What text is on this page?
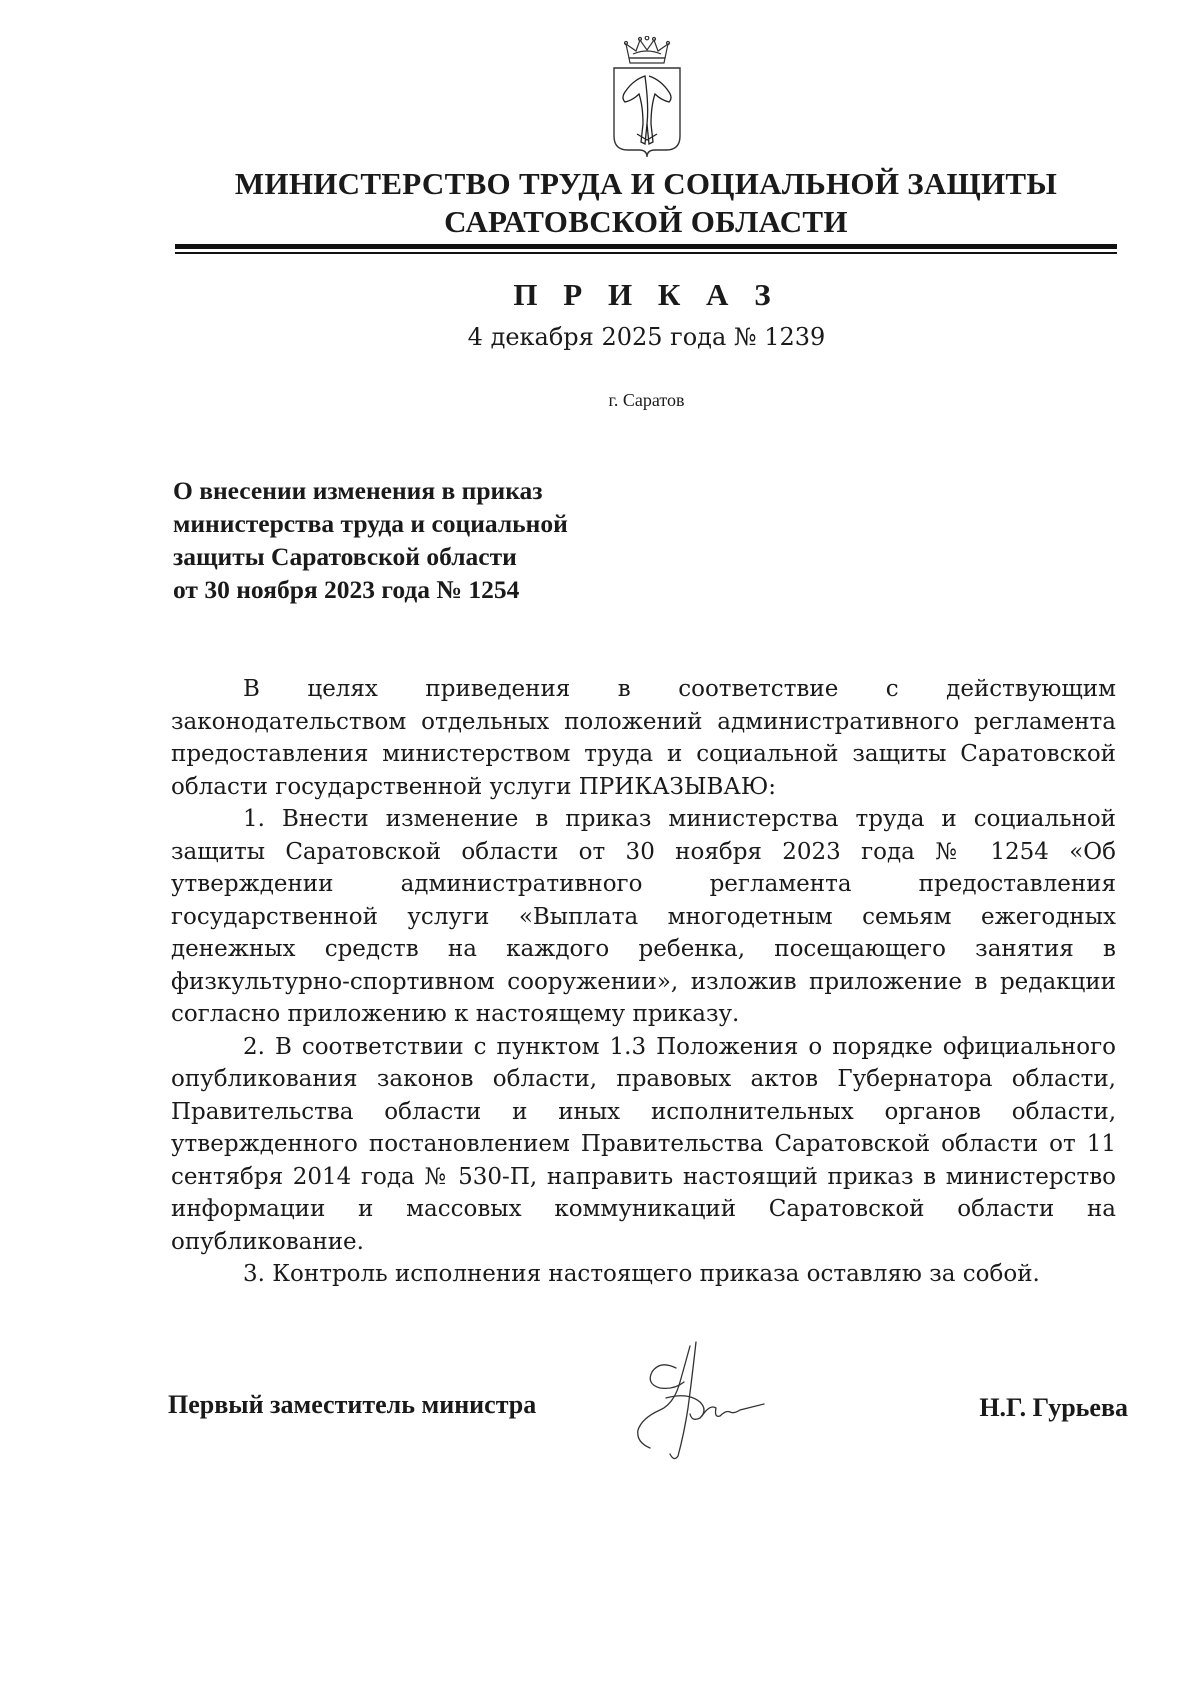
МИНИСТЕРСТВО ТРУДА И СОЦИАЛЬНОЙ ЗАЩИТЫ
САРАТОВСКОЙ ОБЛАСТИ
П Р И К А З
4 декабря 2025 года № 1239
г. Саратов
О внесении изменения в приказ
министерства труда и социальной
защиты Саратовской области
от 30 ноября 2023 года № 1254

В целях приведения в соответствие с действующим законодательством отдельных положений административного регламента предоставления министерством труда и социальной защиты Саратовской области государственной услуги ПРИКАЗЫВАЮ:

1. Внести изменение в приказ министерства труда и социальной защиты Саратовской области от 30 ноября 2023 года № 1254 «Об утверждении административного регламента предоставления государственной услуги «Выплата многодетным семьям ежегодных денежных средств на каждого ребенка, посещающего занятия в физкультурно-спортивном сооружении», изложив приложение в редакции согласно приложению к настоящему приказу.

2. В соответствии с пунктом 1.3 Положения о порядке официального опубликования законов области, правовых актов Губернатора области, Правительства области и иных исполнительных органов области, утвержденного постановлением Правительства Саратовской области от 11 сентября 2014 года № 530-П, направить настоящий приказ в министерство информации и массовых коммуникаций Саратовской области на опубликование.

3. Контроль исполнения настоящего приказа оставляю за собой.

Первый заместитель министра	Н.Г. Гурьева
